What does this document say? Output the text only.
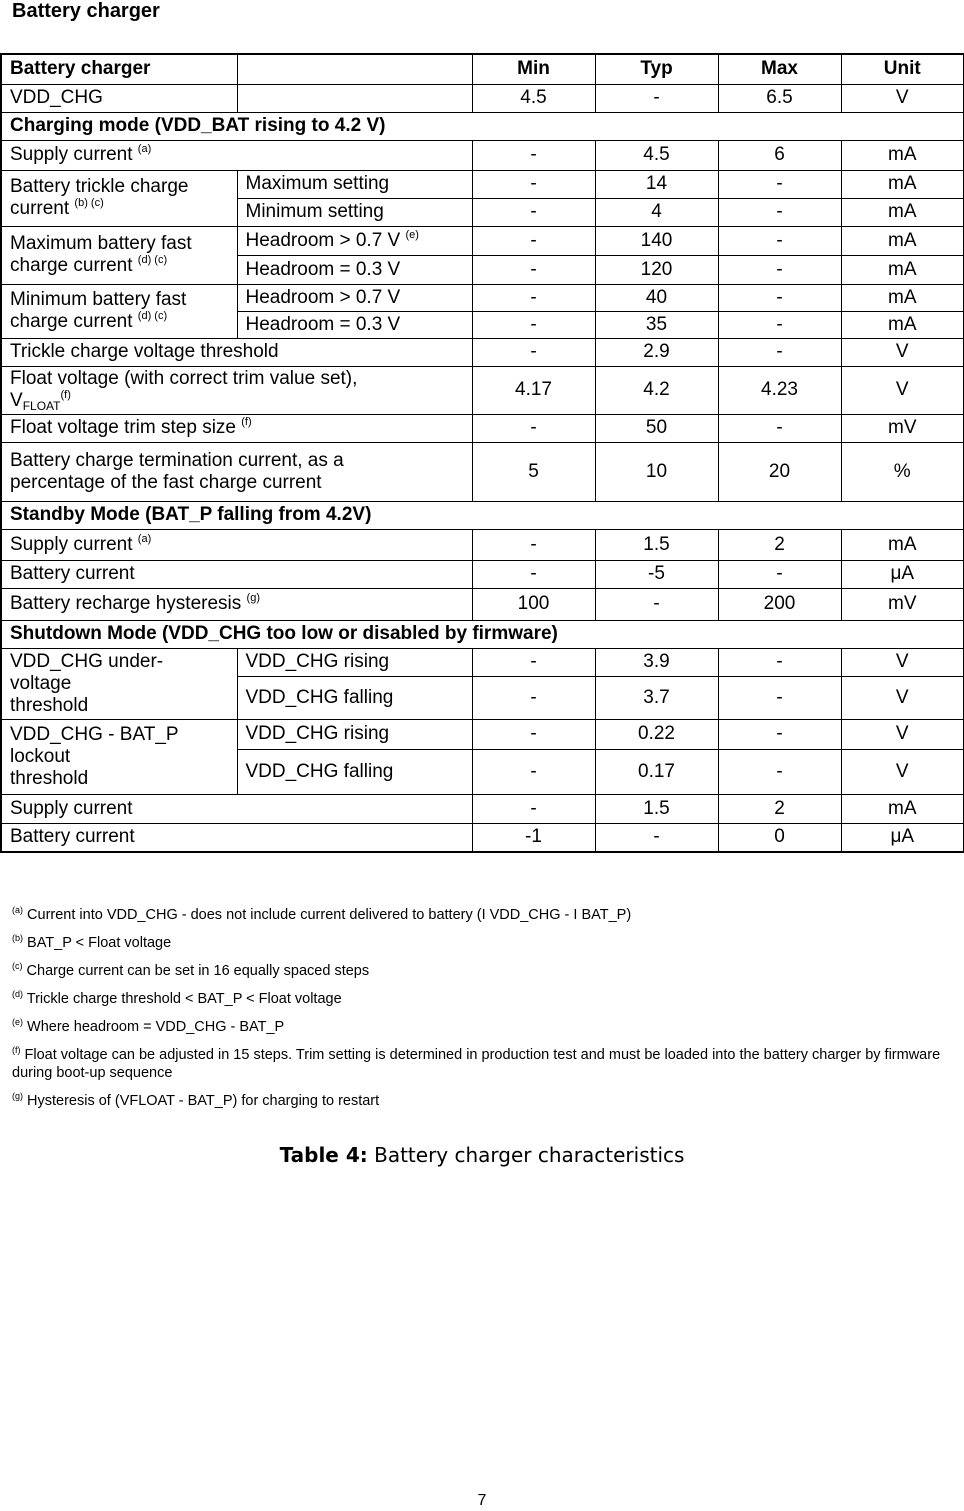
Battery charger
Battery charger		Min	Typ	Max	Unit
VDD_CHG		4.5	-	6.5	V
Charging mode (VDD_BAT rising to 4.2 V)					
Supply current $^{(a)}$		-	4.5	6	mA
Battery trickle charge
current $^{(b) (c)}$	Maximum setting	-	14	-	mA
	Minimum setting	-	4	-	mA
Maximum battery fast
charge current $^{(d) (c)}$	Headroom > 0.7 V $^{(e)}$	-	140	-	mA
	Headroom = 0.3 V	-	120	-	mA
Minimum battery fast
charge current $^{(d) (c)}$	Headroom > 0.7 V	-	40	-	mA
	Headroom = 0.3 V	-	35	-	mA
Trickle charge voltage threshold		-	2.9	-	V
Float voltage (with correct trim value set),
$V_{FLOAT}^{(f)}$		4.17	4.2	4.23	V
Float voltage trim step size $^{(f)}$		-	50	-	mV
Battery charge termination current, as a
percentage of the fast charge current		5	10	20	%
Standby Mode (BAT_P falling from 4.2V)					
Supply current $^{(a)}$		-	1.5	2	mA
Battery current		-	-5	-	μA
Battery recharge hysteresis $^{(g)}$		100	-	200	mV
Shutdown Mode (VDD_CHG too low or disabled by firmware)					
VDD_CHG under-
voltage
threshold	VDD_CHG rising	-	3.9	-	V
	VDD_CHG falling	-	3.7	-	V
VDD_CHG - BAT_P
lockout
threshold	VDD_CHG rising	-	0.22	-	V
	VDD_CHG falling	-	0.17	-	V
Supply current		-	1.5	2	mA
Battery current		-1	-	0	μA
$^{(a)}$ Current into VDD_CHG - does not include current delivered to battery (I VDD_CHG - I BAT_P)
$^{(b)}$ BAT_P < Float voltage
$^{(c)}$ Charge current can be set in 16 equally spaced steps
$^{(d)}$ Trickle charge threshold < BAT_P < Float voltage
$^{(e)}$ Where headroom = VDD_CHG - BAT_P
$^{(f)}$ Float voltage can be adjusted in 15 steps. Trim setting is determined in production test and must be loaded into the battery charger by firmware during boot-up sequence
$^{(g)}$ Hysteresis of (VFLOAT - BAT_P) for charging to restart
Table 4: Battery charger characteristics
7
